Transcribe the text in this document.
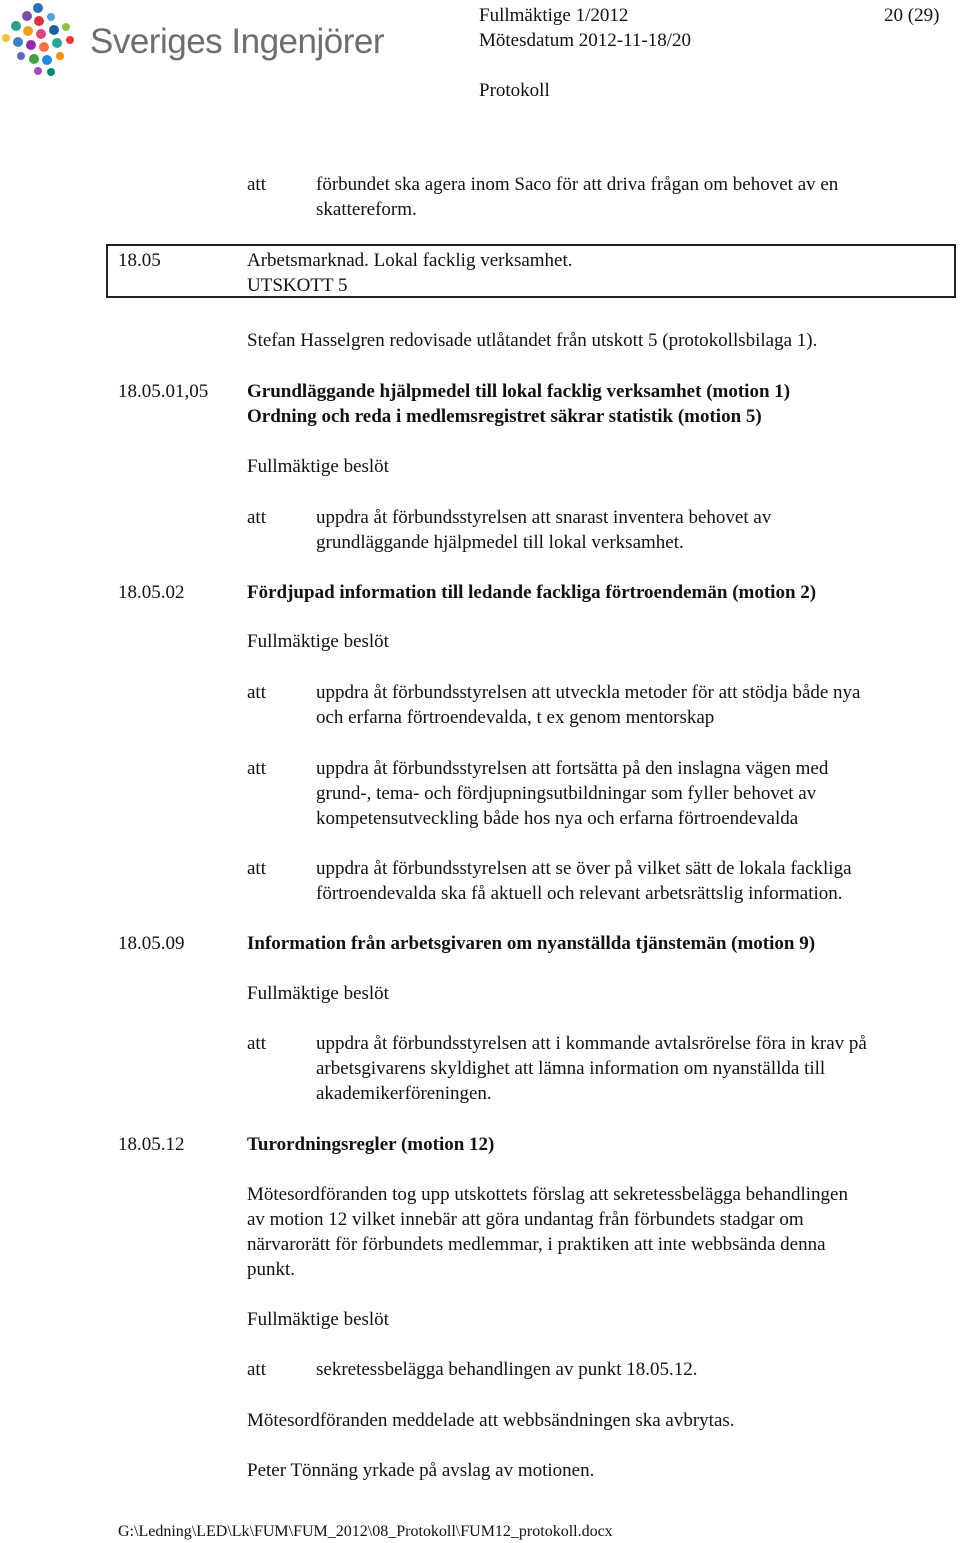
Sveriges Ingenjörer
Fullmäktige 1/2012	20 (29)
Mötesdatum 2012-11-18/20
Protokoll
att	förbundet ska agera inom Saco för att driva frågan om behovet av en
skattereform.
18.05	Arbetsmarknad. Lokal facklig verksamhet.
UTSKOTT 5
Stefan Hasselgren redovisade utlåtandet från utskott 5 (protokollsbilaga 1).
18.05.01,05 Grundläggande hjälpmedel till lokal facklig verksamhet (motion 1)
Ordning och reda i medlemsregistret säkrar statistik (motion 5)
Fullmäktige beslöt
att	uppdra åt förbundsstyrelsen att snarast inventera behovet av
grundläggande hjälpmedel till lokal verksamhet.
18.05.02	Fördjupad information till ledande fackliga förtroendemän (motion 2)
Fullmäktige beslöt
att	uppdra åt förbundsstyrelsen att utveckla metoder för att stödja både nya
och erfarna förtroendevalda, t ex genom mentorskap
att	uppdra åt förbundsstyrelsen att fortsätta på den inslagna vägen med
grund-, tema- och fördjupningsutbildningar som fyller behovet av
kompetensutveckling både hos nya och erfarna förtroendevalda
att	uppdra åt förbundsstyrelsen att se över på vilket sätt de lokala fackliga
förtroendevalda ska få aktuell och relevant arbetsrättslig information.
18.05.09	Information från arbetsgivaren om nyanställda tjänstemän (motion 9)
Fullmäktige beslöt
att	uppdra åt förbundsstyrelsen att i kommande avtalsrörelse föra in krav på
arbetsgivarens skyldighet att lämna information om nyanställda till
akademikerföreningen.
18.05.12	Turordningsregler (motion 12)
Mötesordföranden tog upp utskottets förslag att sekretessbelägga behandlingen
av motion 12 vilket innebär att göra undantag från förbundets stadgar om
närvarorätt för förbundets medlemmar, i praktiken att inte webbsända denna
punkt.
Fullmäktige beslöt
att	sekretessbelägga behandlingen av punkt 18.05.12.
Mötesordföranden meddelade att webbsändningen ska avbrytas.
Peter Tönnäng yrkade på avslag av motionen.
G:\Ledning\LED\Lk\FUM\FUM_2012\08_Protokoll\FUM12_protokoll.docx
